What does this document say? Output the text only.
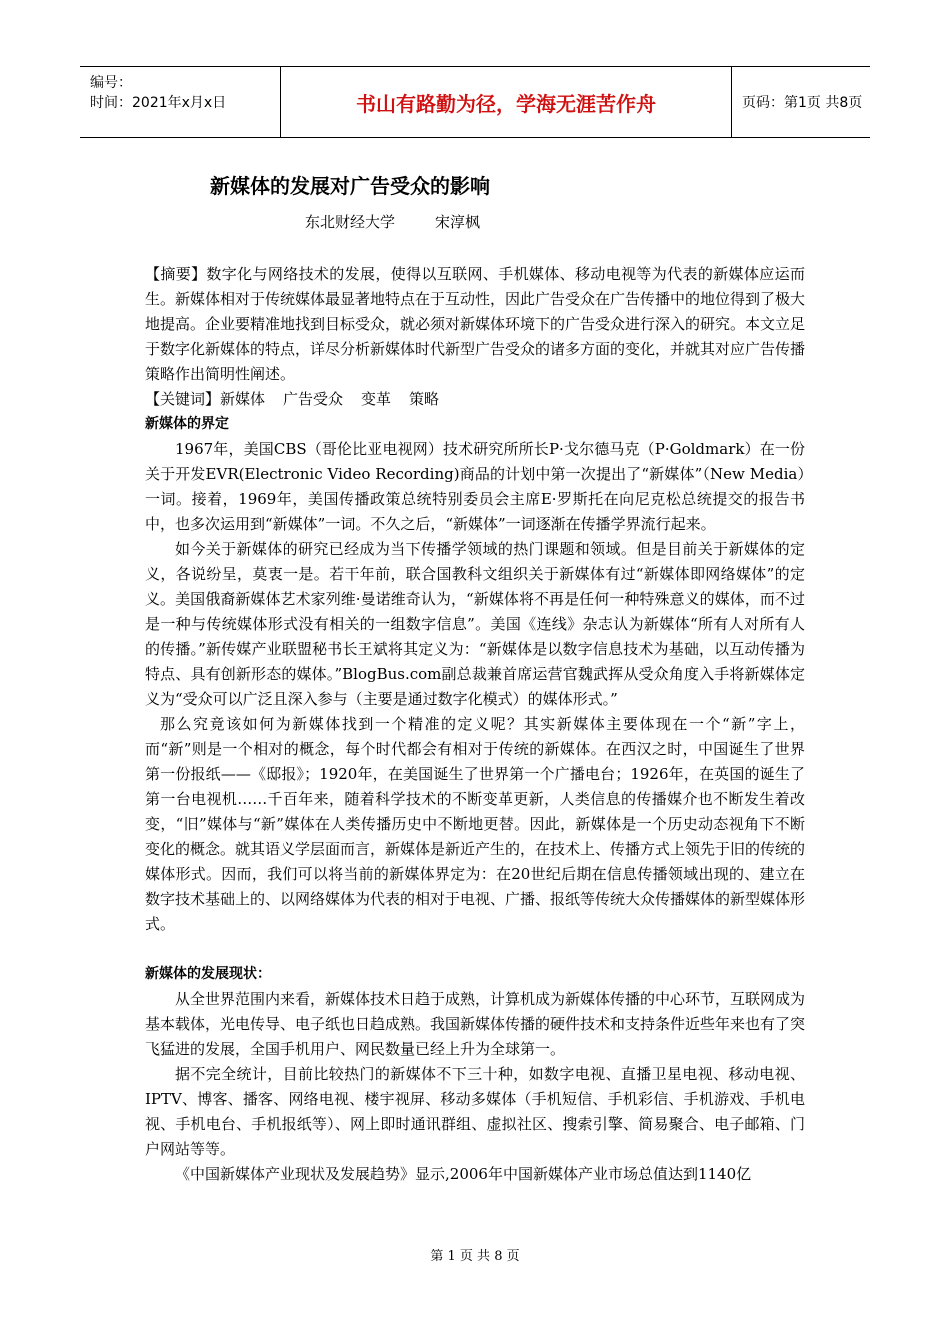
编号：
时间：2021年x月x日	书山有路勤为径，学海无涯苦作舟	页码：第1页 共8页
新媒体的发展对广告受众的影响
东北财经大学	宋淳枫

【摘要】数字化与网络技术的发展，使得以互联网、手机媒体、移动电视等为代表的新媒体应运而生。新媒体相对于传统媒体最显著地特点在于互动性，因此广告受众在广告传播中的地位得到了极大地提高。企业要精准地找到目标受众，就必须对新媒体环境下的广告受众进行深入的研究。本文立足于数字化新媒体的特点，详尽分析新媒体时代新型广告受众的诸多方面的变化，并就其对应广告传播策略作出简明性阐述。

【关键词】新媒体 广告受众 变革 策略

新媒体的界定

1967年，美国CBS（哥伦比亚电视网）技术研究所所长P·戈尔德马克（P·Goldmark）在一份关于开发EVR(Electronic Video Recording)商品的计划中第一次提出了“新媒体”（New Media）一词。接着，1969年，美国传播政策总统特别委员会主席E·罗斯托在向尼克松总统提交的报告书中，也多次运用到“新媒体”一词。不久之后，“新媒体”一词逐渐在传播学界流行起来。

如今关于新媒体的研究已经成为当下传播学领域的热门课题和领域。但是目前关于新媒体的定义，各说纷呈，莫衷一是。若干年前，联合国教科文组织关于新媒体有过“新媒体即网络媒体”的定义。美国俄裔新媒体艺术家列维·曼诺维奇认为，“新媒体将不再是任何一种特殊意义的媒体，而不过是一种与传统媒体形式没有相关的一组数字信息”。美国《连线》杂志认为新媒体“所有人对所有人的传播。”新传媒产业联盟秘书长王斌将其定义为：“新媒体是以数字信息技术为基础，以互动传播为特点、具有创新形态的媒体。”BlogBus.com副总裁兼首席运营官魏武挥从受众角度入手将新媒体定义为“受众可以广泛且深入参与（主要是通过数字化模式）的媒体形式。”

那么究竟该如何为新媒体找到一个精准的定义呢？其实新媒体主要体现在一个“新”字上，而“新”则是一个相对的概念，每个时代都会有相对于传统的新媒体。在西汉之时，中国诞生了世界第一份报纸——《邸报》；1920年，在美国诞生了世界第一个广播电台；1926年，在英国的诞生了第一台电视机……千百年来，随着科学技术的不断变革更新，人类信息的传播媒介也不断发生着改变，“旧”媒体与“新”媒体在人类传播历史中不断地更替。因此，新媒体是一个历史动态视角下不断变化的概念。就其语义学层面而言，新媒体是新近产生的，在技术上、传播方式上领先于旧的传统的媒体形式。因而，我们可以将当前的新媒体界定为：在20世纪后期在信息传播领域出现的、建立在数字技术基础上的、以网络媒体为代表的相对于电视、广播、报纸等传统大众传播媒体的新型媒体形式。

新媒体的发展现状：

从全世界范围内来看，新媒体技术日趋于成熟，计算机成为新媒体传播的中心环节，互联网成为基本载体，光电传导、电子纸也日趋成熟。我国新媒体传播的硬件技术和支持条件近些年来也有了突飞猛进的发展，全国手机用户、网民数量已经上升为全球第一。

据不完全统计，目前比较热门的新媒体不下三十种，如数字电视、直播卫星电视、移动电视、IPTV、博客、播客、网络电视、楼宇视屏、移动多媒体（手机短信、手机彩信、手机游戏、手机电视、手机电台、手机报纸等）、网上即时通讯群组、虚拟社区、搜索引擎、简易聚合、电子邮箱、门户网站等等。

《中国新媒体产业现状及发展趋势》显示,2006年中国新媒体产业市场总值达到1140亿

第 1 页 共 8 页
